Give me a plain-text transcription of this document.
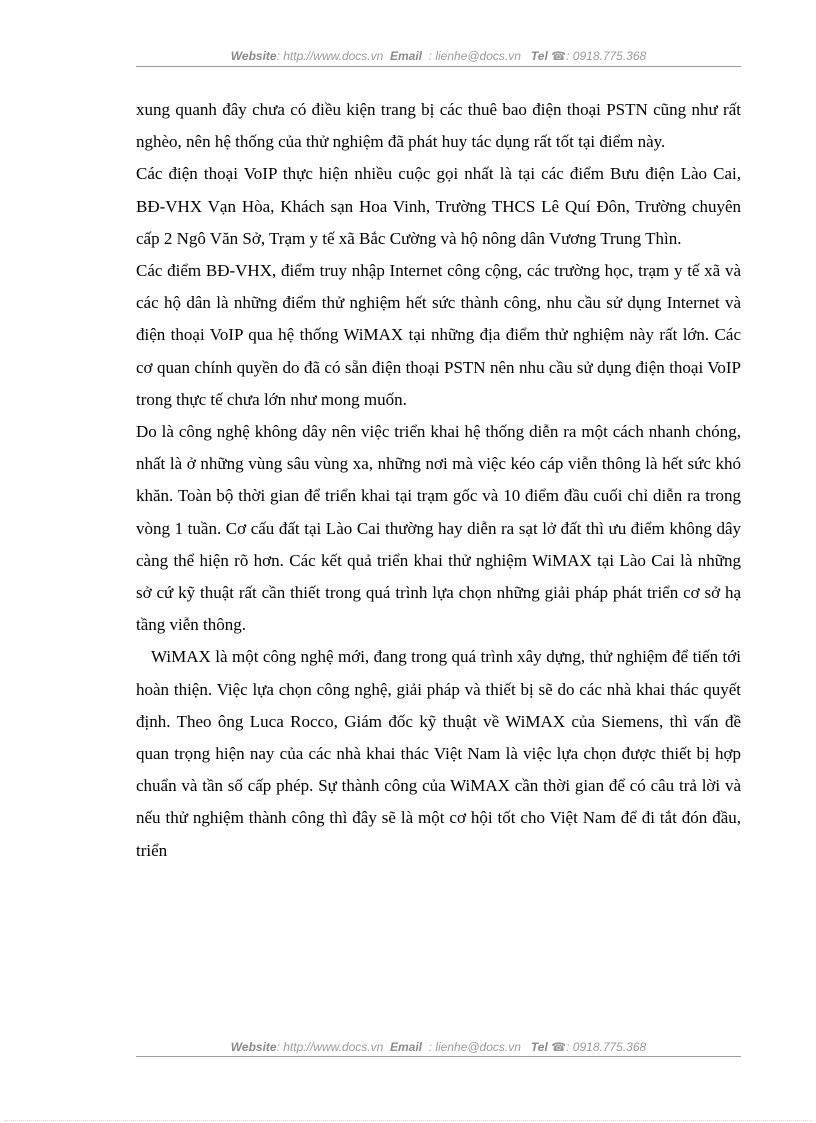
Website: http://www.docs.vn Email : lienhe@docs.vn Tel ☎: 0918.775.368

xung quanh đây chưa có điều kiện trang bị các thuê bao điện thoại PSTN cũng như rất nghèo, nên hệ thống của thử nghiệm đã phát huy tác dụng rất tốt tại điểm này.

Các điện thoại VoIP thực hiện nhiều cuộc gọi nhất là tại các điểm Bưu điện Lào Cai, BĐ-VHX Vạn Hòa, Khách sạn Hoa Vinh, Trường THCS Lê Quí Đôn, Trường chuyên cấp 2 Ngô Văn Sở, Trạm y tế xã Bắc Cường và hộ nông dân Vương Trung Thìn.

Các điểm BĐ-VHX, điểm truy nhập Internet công cộng, các trường học, trạm y tế xã và các hộ dân là những điểm thử nghiệm hết sức thành công, nhu cầu sử dụng Internet và điện thoại VoIP qua hệ thống WiMAX tại những địa điểm thử nghiệm này rất lớn. Các cơ quan chính quyền do đã có sẵn điện thoại PSTN nên nhu cầu sử dụng điện thoại VoIP trong thực tế chưa lớn như mong muốn.

Do là công nghệ không dây nên việc triển khai hệ thống diễn ra một cách nhanh chóng, nhất là ở những vùng sâu vùng xa, những nơi mà việc kéo cáp viễn thông là hết sức khó khăn. Toàn bộ thời gian để triển khai tại trạm gốc và 10 điểm đầu cuối chỉ diễn ra trong vòng 1 tuần. Cơ cấu đất tại Lào Cai thường hay diễn ra sạt lở đất thì ưu điểm không dây càng thể hiện rõ hơn. Các kết quả triển khai thử nghiệm WiMAX tại Lào Cai là những sở cứ kỹ thuật rất cần thiết trong quá trình lựa chọn những giải pháp phát triển cơ sở hạ tầng viễn thông.

WiMAX là một công nghệ mới, đang trong quá trình xây dựng, thử nghiệm để tiến tới hoàn thiện. Việc lựa chọn công nghệ, giải pháp và thiết bị sẽ do các nhà khai thác quyết định. Theo ông Luca Rocco, Giám đốc kỹ thuật về WiMAX của Siemens, thì vấn đề quan trọng hiện nay của các nhà khai thác Việt Nam là việc lựa chọn được thiết bị hợp chuẩn và tần số cấp phép. Sự thành công của WiMAX cần thời gian để có câu trả lời và nếu thử nghiệm thành công thì đây sẽ là một cơ hội tốt cho Việt Nam để đi tắt đón đầu, triển

Website: http://www.docs.vn Email : lienhe@docs.vn Tel ☎: 0918.775.368
